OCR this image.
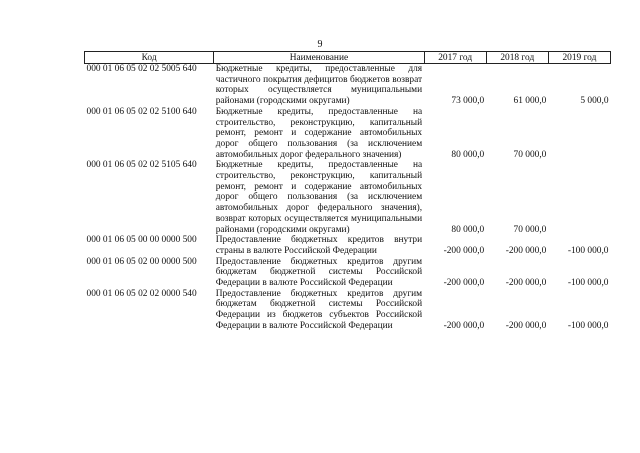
9
Код	Наименование	2017 год	2018 год	2019 год
000 01 06 05 02 02 5005 640	Бюджетные кредиты, предоставленные для частичного покрытия дефицитов бюджетов возврат которых осуществляется муниципальными районами (городскими округами)	73 000,0	61 000,0	5 000,0
000 01 06 05 02 02 5100 640	Бюджетные кредиты, предоставленные на строительство, реконструкцию, капитальный ремонт, ремонт и содержание автомобильных дорог общего пользования (за исключением автомобильных дорог федерального значения)	80 000,0	70 000,0	
000 01 06 05 02 02 5105 640	Бюджетные кредиты, предоставленные на строительство, реконструкцию, капитальный ремонт, ремонт и содержание автомобильных дорог общего пользования (за исключением автомобильных дорог федерального значения), возврат которых осуществляется муниципальными районами (городскими округами)	80 000,0	70 000,0	
000 01 06 05 00 00 0000 500	Предоставление бюджетных кредитов внутри страны в валюте Российской Федерации	-200 000,0	-200 000,0	-100 000,0
000 01 06 05 02 00 0000 500	Предоставление бюджетных кредитов другим бюджетам бюджетной системы Российской Федерации в валюте Российской Федерации	-200 000,0	-200 000,0	-100 000,0
000 01 06 05 02 02 0000 540	Предоставление бюджетных кредитов другим бюджетам бюджетной системы Российской Федерации из бюджетов субъектов Российской Федерации в валюте Российской Федерации	-200 000,0	-200 000,0	-100 000,0
